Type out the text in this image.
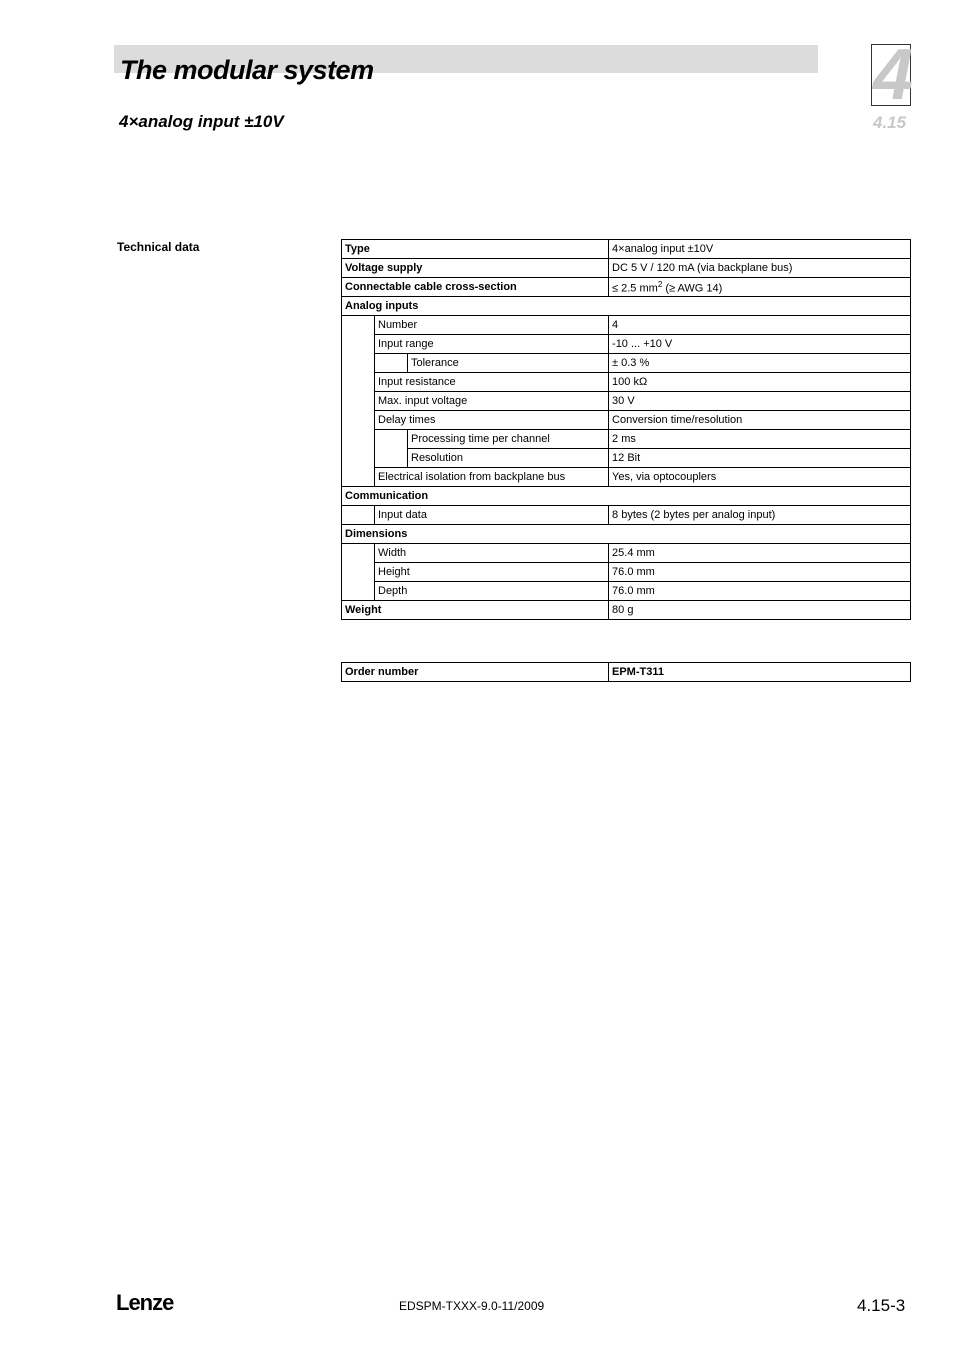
The modular system
4×analog input ±10V
4
4.15
Technical data	Type			4×analog input ±10V
Voltage supply			DC 5 V / 120 mA (via backplane bus)
Connectable cable cross-section			≤ 2.5 $mm^2$ (≥ AWG 14)
Analog inputs			
	Number		4
	Input range		-10 ... +10 V
		Tolerance	± 0.3 %
	Input resistance		100 kΩ
	Max. input voltage		30 V
	Delay times		Conversion time/resolution
		Processing time per channel	2 ms
		Resolution	12 Bit
	Electrical isolation from backplane bus		Yes, via optocouplers
Communication			
	Input data		8 bytes (2 bytes per analog input)
Dimensions			
	Width		25.4 mm
	Height		76.0 mm
	Depth		76.0 mm
Weight			80 g
Order number	EPM-T311
Lenze	EDSPM-TXXX-9.0-11/2009	4.15-3
